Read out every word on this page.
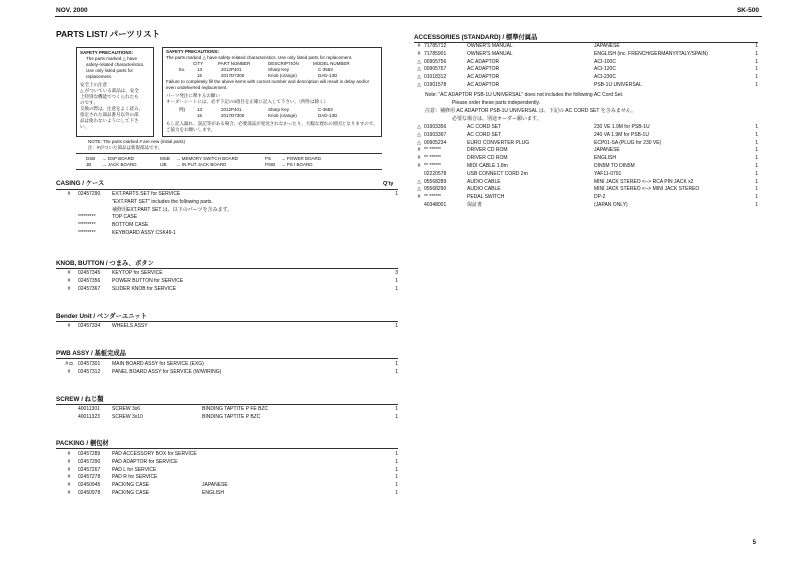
NOV. 2000	SK-500
PARTS LIST/ パーツリスト
SAFETY PRECAUTIONS:
The parts marked △ have
safety-related characteristics.
Use only listed parts for
replacement.
安全上の注意
△ がついている部品は、安全
上特別な機能でつくられたも
のです。
交換の際は、注意をよく読み、
指定された部品番号以外の部
品は使わないようにして下さ
い。
SAFETY PRECAUTIONS:
The parts marked △ have safety-related characteristics. Use only listed parts for replacement.
CITY	PART NUMBER	DESCRIPTION	MODEL NUMBER
Ex.	13	2012P401	Sharp Key	C-3583
16	2017D7300	Knob (orange)	DAD-13D
Failure to completely fill the above items with correct number and description will result in delay and/or
even undelivered replacement.
パーツ発注に関するお願い
オーダーシートには、必ず下記の4項目を正確に記入して下さい。（例外は除く）
例)	13	2012P401	Sharp Key	C-3583
16	2017D7300	Knob (orange)	DAD-13D
もし記入漏れ、誤記等がある場合、必要部品が発送されなかったり、大幅な遅れの原因となりますので、
ご協力をお願いします。
NOTE: The parts marked # are new (initial parts)
注：#がついた部品は新規部品です。
DSB → DSP BOARD	MSB → MEMORY SWITCH BOARD	PS → POWER BOARD
JB → JACK BOARD	IJB → IN PUT JACK BOARD	PSIB → PS I BOARD
CASING / ケース	Q'ty
#	02457290 EXT.PARTS SET for SERVICE	1
"EXT.PART SET" includes the following parts.
補修用EXT.PART SET は、以下のパーツを含みます。
*********	TOP CASE
*********	BOTTOM CASE
*********	KEYBOARD ASSY CSK49-1
KNOB, BUTTON / つまみ、ボタン
#	02457345 KEYTOP for SERVICE	3
#	02457356 POWER BUTTON for SERVICE	1
#	02457367 SLIDER KNOB for SERVICE	1
Bender Unit / ベンダーユニット
#	02457334 WHEELS ASSY	1
PWB ASSY / 基板完成品
# ◘ 02457301 MAIN BOARD ASSY for SERVICE (EXG)	1
#	02457312 PANEL BOARD ASSY for SERVICE (W/WIRING)	1
SCREW / ねじ類
40011301 SCREW 3x6	BINDING TAPTITE P FE BZC	1
40011323 SCREW 3x10	BINDING TAPTITE P BZC	1
PACKING / 梱包材
#	02457289 PAD ACCESSORY BOX for SERVICE	1
#	02457290 PAD ADAPTOR for SERVICE	1
#	02457267 PAD L for SERVICE	1
#	02457278 PAD R for SERVICE	1
#	02450945 PACKING CASE	JAPANESE	1
#	02450978 PACKING CASE	ENGLISH	1
ACCESSORIES (STANDARD) / 標準付属品
# 71785712	OWNER'S MANUAL	JAPANESE	1
# 71785901	OWNER'S MANUAL	ENGLISH (inc. FRENCH/GERMANY/ITALY/SPAIN)	1
△ 00905756	AC ADAPTOR	ACI-100C	1
△ 00905767	AC ADAPTOR	ACI-120C	1
△ 01018312	AC ADAPTOR	ACI-230C	1
△ 01901578	AC ADAPTOR	PSB-1U UNIVERSAL	1
Note: "AC ADAPTOR PSB-1U UNIVERSAL" does not includes the following AC Cord Set.
Please order these parts independently.
注意：補修用 AC ADAPTOR PSB-1U UNIVERSAL は、下記の AC CORD SET を含みません。
必要な場合は、別途オーダー願います。
△ 01903356	AC CORD SET	230 VE 1.9M for PSB-1U	1
△ 01903367	AC CORD SET	240 VA 1.9M for PSB-1U	1
△ 00905234	EURO CONVERTER PLUG	ECP01-SA (PLUG for 230 VE)	1
# ** ******	DRIVER CD ROM	JAPANESE	1
# ** ******	DRIVER CD ROM	ENGLISH	1
# ** ******	MIDI CABLE 1.8m	DIN5M TO DIN5M	1
02220578	USB CONNECT CORD 2m	YAF11-0791	1
△ 05568289	AUDIO CABLE	MINI JACK STEREO <--> RCA PIN JACK x2	1
△ 05568290	AUDIO CABLE	MINI JACK STEREO <--> MINI JACK STEREO	1
# ** ******	PEDAL SWITCH	DP-2	1
40348001	保証書	(JAPAN ONLY)	1
5
